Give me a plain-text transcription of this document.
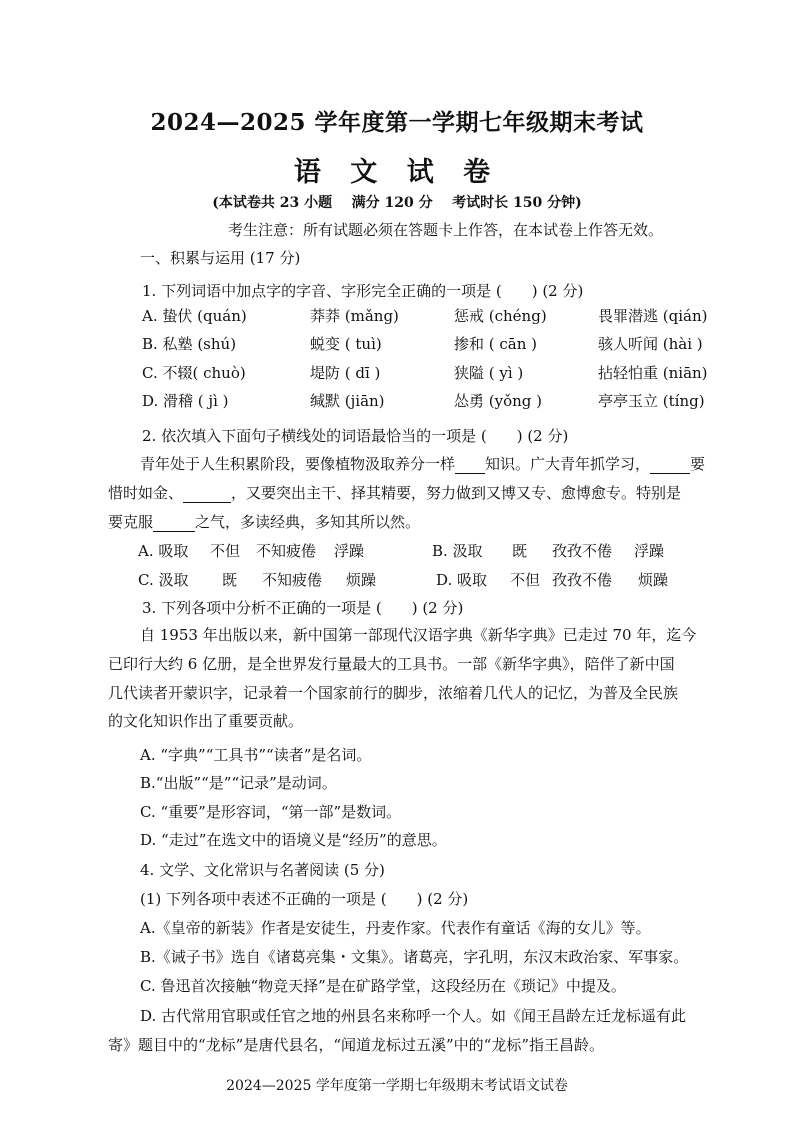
2024—2025 学年度第一学期七年级期末考试
语 文 试 卷
(本试卷共 23 小题    满分 120 分    考试时长 150 分钟)
考生注意：所有试题必须在答题卡上作答，在本试卷上作答无效。
一、积累与运用 (17 分)
1. 下列词语中加点字的字音、字形完全正确的一项是 (　　) (2 分)
A. 蛰伏 (quán)	莽莽 (mǎng)	惩戒 (chéng)	畏罪潜逃 (qián)
B. 私塾 (shú)	蜕变 ( tuì)	掺和 ( cān )	骇人听闻 (hài )
C. 不辍( chuò)	堤防 ( dī )	狭隘 ( yì )	拈轻怕重 (niān)
D. 滑稽 ( jì )	缄默 (jiān)	怂勇 (yǒng )	亭亭玉立 (tíng)
2. 依次填入下面句子横线处的词语最恰当的一项是 (　　) (2 分)
青年处于人生积累阶段，要像植物汲取养分一样 知识。广大青年抓学习，	要
惜时如金、	，又要突出主干、择其精要，努力做到又博又专、愈博愈专。特别是
要克服	之气，多读经典，多知其所以然。
A. 吸取 不但 不知疲倦 浮躁	B. 汲取 既 孜孜不倦 浮躁
C. 汲取 既 不知疲倦 烦躁	D. 吸取 不但 孜孜不倦 烦躁
3. 下列各项中分析不正确的一项是 (　　) (2 分)
自 1953 年出版以来，新中国第一部现代汉语字典《新华字典》已走过 70 年，迄今
已印行大约 6 亿册，是全世界发行量最大的工具书。一部《新华字典》，陪伴了新中国
几代读者开蒙识字，记录着一个国家前行的脚步，浓缩着几代人的记忆，为普及全民族
的文化知识作出了重要贡献。
A. “字典”“工具书”“读者”是名词。
B.“出版”“是”“记录”是动词。
C. “重要”是形容词，“第一部”是数词。
D. “走过”在选文中的语境义是“经历”的意思。
4. 文学、文化常识与名著阅读 (5 分)
(1) 下列各项中表述不正确的一项是 (　　) (2 分)
A.《皇帝的新装》作者是安徒生，丹麦作家。代表作有童话《海的女儿》等。
B.《诫子书》选自《诸葛亮集・文集》。诸葛亮，字孔明，东汉末政治家、军事家。
C. 鲁迅首次接触“物竞天择”是在矿路学堂，这段经历在《琐记》中提及。
D. 古代常用官职或任官之地的州县名来称呼一个人。如《闻王昌龄左迁龙标遥有此
寄》题目中的“龙标”是唐代县名，“闻道龙标过五溪”中的“龙标”指王昌龄。
2024—2025 学年度第一学期七年级期末考试语文试卷
